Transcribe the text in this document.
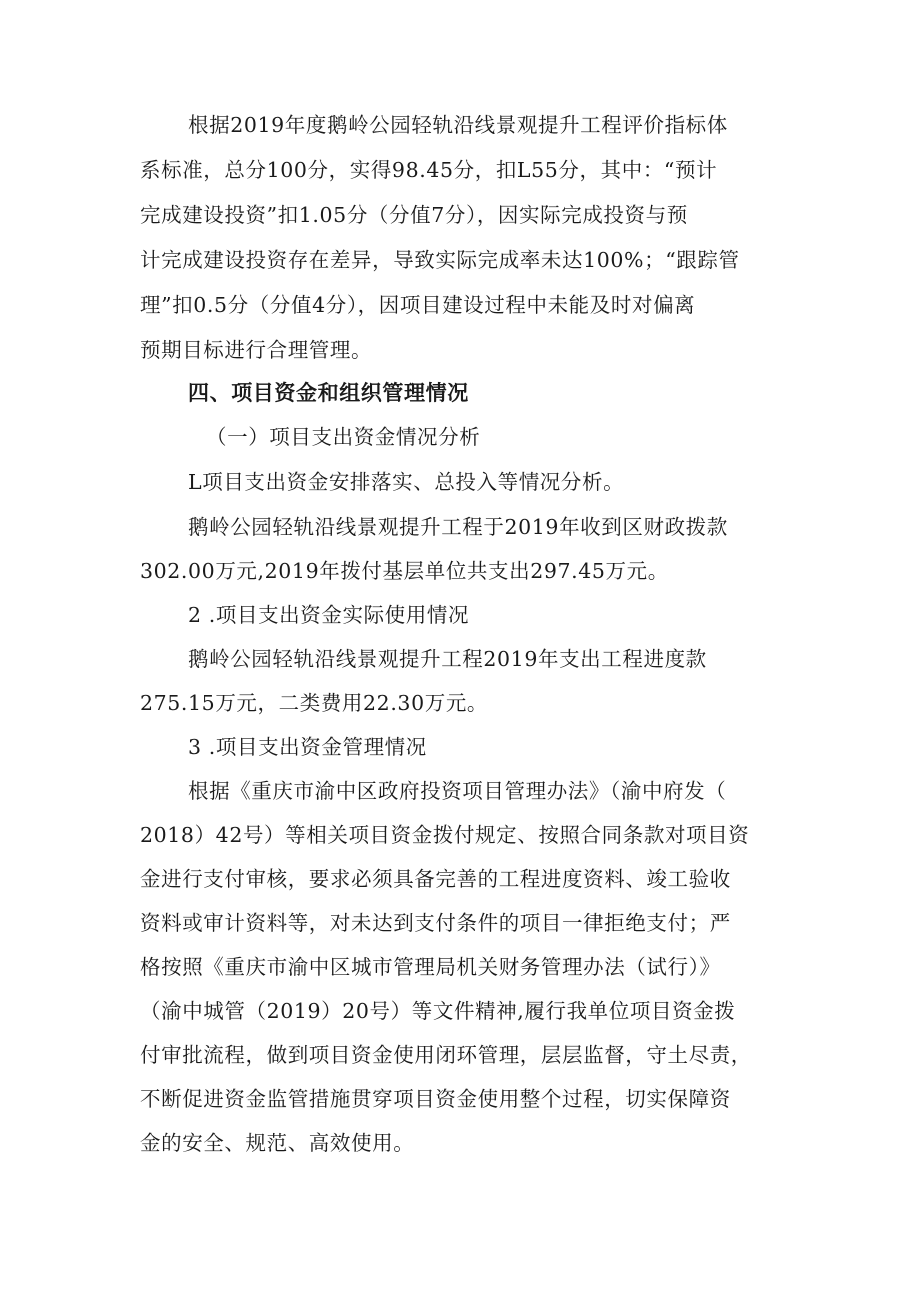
根据2019年度鹅岭公园轻轨沿线景观提升工程评价指标体
系标准，总分100分，实得98.45分，扣L55分，其中：“预计
完成建设投资”扣1.05分（分值7分），因实际完成投资与预
计完成建设投资存在差异，导致实际完成率未达100%；“跟踪管
理”扣0.5分（分值4分），因项目建设过程中未能及时对偏离
预期目标进行合理管理。
四、项目资金和组织管理情况
（一）项目支出资金情况分析
L项目支出资金安排落实、总投入等情况分析。
鹅岭公园轻轨沿线景观提升工程于2019年收到区财政拨款
302.00万元,2019年拨付基层单位共支出297.45万元。
2 .项目支出资金实际使用情况
鹅岭公园轻轨沿线景观提升工程2019年支出工程进度款
275.15万元，二类费用22.30万元。
3 .项目支出资金管理情况
根据《重庆市渝中区政府投资项目管理办法》（渝中府发（
2018）42号）等相关项目资金拨付规定、按照合同条款对项目资
金进行支付审核，要求必须具备完善的工程进度资料、竣工验收
资料或审计资料等，对未达到支付条件的项目一律拒绝支付；严
格按照《重庆市渝中区城市管理局机关财务管理办法（试行）》
（渝中城管（2019）20号）等文件精神,履行我单位项目资金拨
付审批流程，做到项目资金使用闭环管理，层层监督，守土尽责，
不断促进资金监管措施贯穿项目资金使用整个过程，切实保障资
金的安全、规范、高效使用。
